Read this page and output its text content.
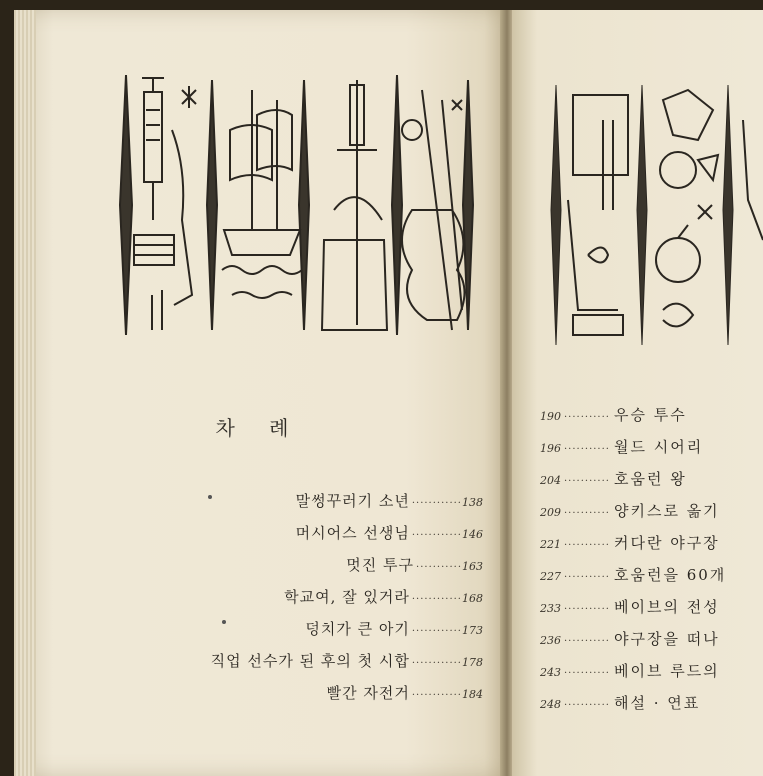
차 례
말썽꾸러기 소년 ············ 138
머시어스 선생님 ············ 146
멋진 투구 ··········· 163
학교여, 잘 있거라 ············ 168
덩치가 큰 아기 ············ 173
직업 선수가 된 후의 첫 시합 ············ 178
빨간 자전거 ············ 184
190 ··········· 우승 투수
196 ··········· 월드 시어리
204 ··········· 호움런 왕
209 ··········· 양키스로 옮기
221 ··········· 커다란 야구장
227 ··········· 호움런을 60개
233 ··········· 베이브의 전성
236 ··········· 야구장을 떠나
243 ··········· 베이브 루드의
248 ··········· 해설 · 연표
